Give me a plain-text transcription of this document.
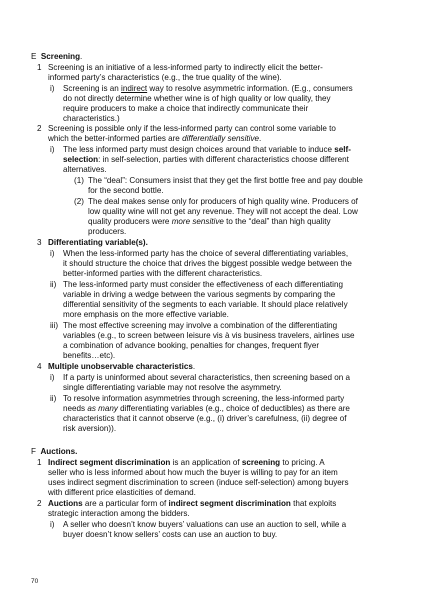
E Screening.
1 Screening is an initiative of a less-informed party to indirectly elicit the better-
informed party’s characteristics (e.g., the true quality of the wine).
i) Screening is an indirect way to resolve asymmetric information. (E.g., consumers
do not directly determine whether wine is of high quality or low quality, they
require producers to make a choice that indirectly communicate their
characteristics.)
2 Screening is possible only if the less-informed party can control some variable to
which the better-informed parties are differentially sensitive.
i) The less informed party must design choices around that variable to induce self-
selection: in self-selection, parties with different characteristics choose different
alternatives.
(1) The “deal”: Consumers insist that they get the first bottle free and pay double
for the second bottle.
(2) The deal makes sense only for producers of high quality wine. Producers of
low quality wine will not get any revenue. They will not accept the deal. Low
quality producers were more sensitive to the “deal” than high quality
producers.
3 Differentiating variable(s).
i) When the less-informed party has the choice of several differentiating variables,
it should structure the choice that drives the biggest possible wedge between the
better-informed parties with the different characteristics.
ii) The less-informed party must consider the effectiveness of each differentiating
variable in driving a wedge between the various segments by comparing the
differential sensitivity of the segments to each variable. It should place relatively
more emphasis on the more effective variable.
iii) The most effective screening may involve a combination of the differentiating
variables (e.g., to screen between leisure vis à vis business travelers, airlines use
a combination of advance booking, penalties for changes, frequent flyer
benefits…etc).
4 Multiple unobservable characteristics.
i) If a party is uninformed about several characteristics, then screening based on a
single differentiating variable may not resolve the asymmetry.
ii) To resolve information asymmetries through screening, the less-informed party
needs as many differentiating variables (e.g., choice of deductibles) as there are
characteristics that it cannot observe (e.g., (i) driver’s carefulness, (ii) degree of
risk aversion)).
F Auctions.
1 Indirect segment discrimination is an application of screening to pricing. A
seller who is less informed about how much the buyer is willing to pay for an item
uses indirect segment discrimination to screen (induce self-selection) among buyers
with different price elasticities of demand.
2 Auctions are a particular form of indirect segment discrimination that exploits
strategic interaction among the bidders.
i) A seller who doesn’t know buyers’ valuations can use an auction to sell, while a
buyer doesn’t know sellers’ costs can use an auction to buy.
70
